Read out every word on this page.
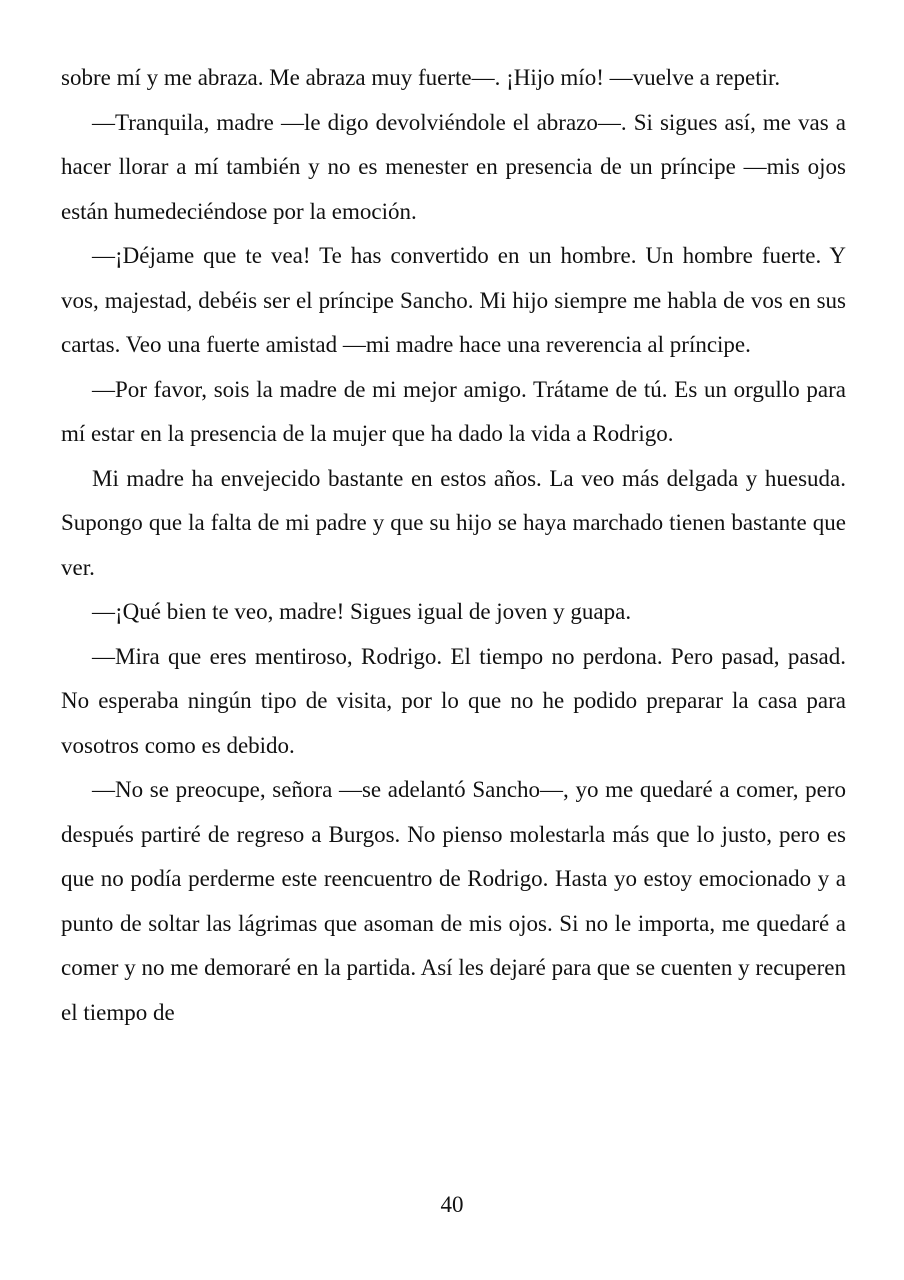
sobre mí y me abraza. Me abraza muy fuerte—. ¡Hijo mío! —vuelve a repetir.

—Tranquila, madre —le digo devolviéndole el abrazo—. Si sigues así, me vas a hacer llorar a mí también y no es menester en presencia de un príncipe —mis ojos están humedeciéndose por la emoción.

—¡Déjame que te vea! Te has convertido en un hombre. Un hombre fuerte. Y vos, majestad, debéis ser el príncipe Sancho. Mi hijo siempre me habla de vos en sus cartas. Veo una fuerte amistad —mi madre hace una reverencia al príncipe.

—Por favor, sois la madre de mi mejor amigo. Trátame de tú. Es un orgullo para mí estar en la presencia de la mujer que ha dado la vida a Rodrigo.

Mi madre ha envejecido bastante en estos años. La veo más delgada y huesuda. Supongo que la falta de mi padre y que su hijo se haya marchado tienen bastante que ver.

—¡Qué bien te veo, madre! Sigues igual de joven y guapa.

—Mira que eres mentiroso, Rodrigo. El tiempo no perdona. Pero pasad, pasad. No esperaba ningún tipo de visita, por lo que no he podido preparar la casa para vosotros como es debido.

—No se preocupe, señora —se adelantó Sancho—, yo me quedaré a comer, pero después partiré de regreso a Burgos. No pienso molestarla más que lo justo, pero es que no podía perderme este reencuentro de Rodrigo. Hasta yo estoy emocionado y a punto de soltar las lágrimas que asoman de mis ojos. Si no le importa, me quedaré a comer y no me demoraré en la partida. Así les dejaré para que se cuenten y recuperen el tiempo de

40
